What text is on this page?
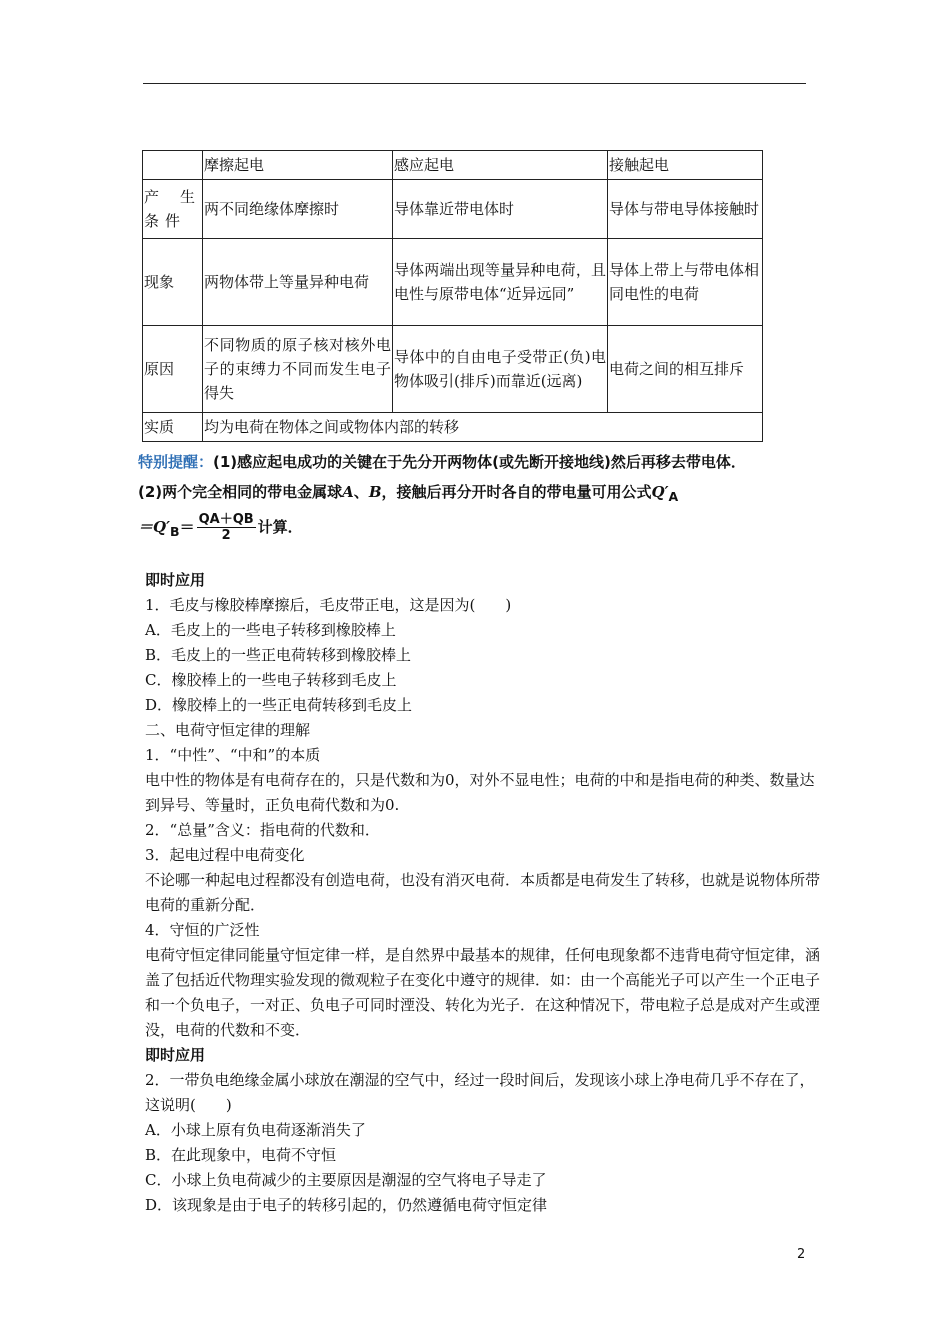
	摩擦起电	感应起电	接触起电
产生条件	两不同绝缘体摩擦时	导体靠近带电体时	导体与带电导体接触时
现象	两物体带上等量异种电荷	导体两端出现等量异种电荷，且电性与原带电体“近异远同”	导体上带上与带电体相同电性的电荷
原因	不同物质的原子核对核外电子的束缚力不同而发生电子得失	导体中的自由电子受带正(负)电物体吸引(排斥)而靠近(远离)	电荷之间的相互排斥
实质	均为电荷在物体之间或物体内部的转移		
特别提醒：(1)感应起电成功的关键在于先分开两物体(或先断开接地线)然后再移去带电体．
(2)两个完全相同的带电金属球A、B，接触后再分开时各自的带电量可用公式$Q'_A$
$=Q'_B= \frac{QA+QB}{2}$ 计算．

即时应用

1．毛皮与橡胶棒摩擦后，毛皮带正电，这是因为(　　)

A．毛皮上的一些电子转移到橡胶棒上

B．毛皮上的一些正电荷转移到橡胶棒上

C．橡胶棒上的一些电子转移到毛皮上

D．橡胶棒上的一些正电荷转移到毛皮上

二、电荷守恒定律的理解

1．“中性”、“中和”的本质

电中性的物体是有电荷存在的，只是代数和为0，对外不显电性；电荷的中和是指电荷的种类、数量达到异号、等量时，正负电荷代数和为0.

2．“总量”含义：指电荷的代数和．

3．起电过程中电荷变化

不论哪一种起电过程都没有创造电荷，也没有消灭电荷．本质都是电荷发生了转移，也就是说物体所带电荷的重新分配．

4．守恒的广泛性

电荷守恒定律同能量守恒定律一样，是自然界中最基本的规律，任何电现象都不违背电荷守恒定律，涵盖了包括近代物理实验发现的微观粒子在变化中遵守的规律．如：由一个高能光子可以产生一个正电子和一个负电子，一对正、负电子可同时湮没、转化为光子．在这种情况下，带电粒子总是成对产生或湮没，电荷的代数和不变．

即时应用

2．一带负电绝缘金属小球放在潮湿的空气中，经过一段时间后，发现该小球上净电荷几乎不存在了，这说明(　　)

A．小球上原有负电荷逐渐消失了

B．在此现象中，电荷不守恒

C．小球上负电荷减少的主要原因是潮湿的空气将电子导走了

D．该现象是由于电子的转移引起的，仍然遵循电荷守恒定律

2
